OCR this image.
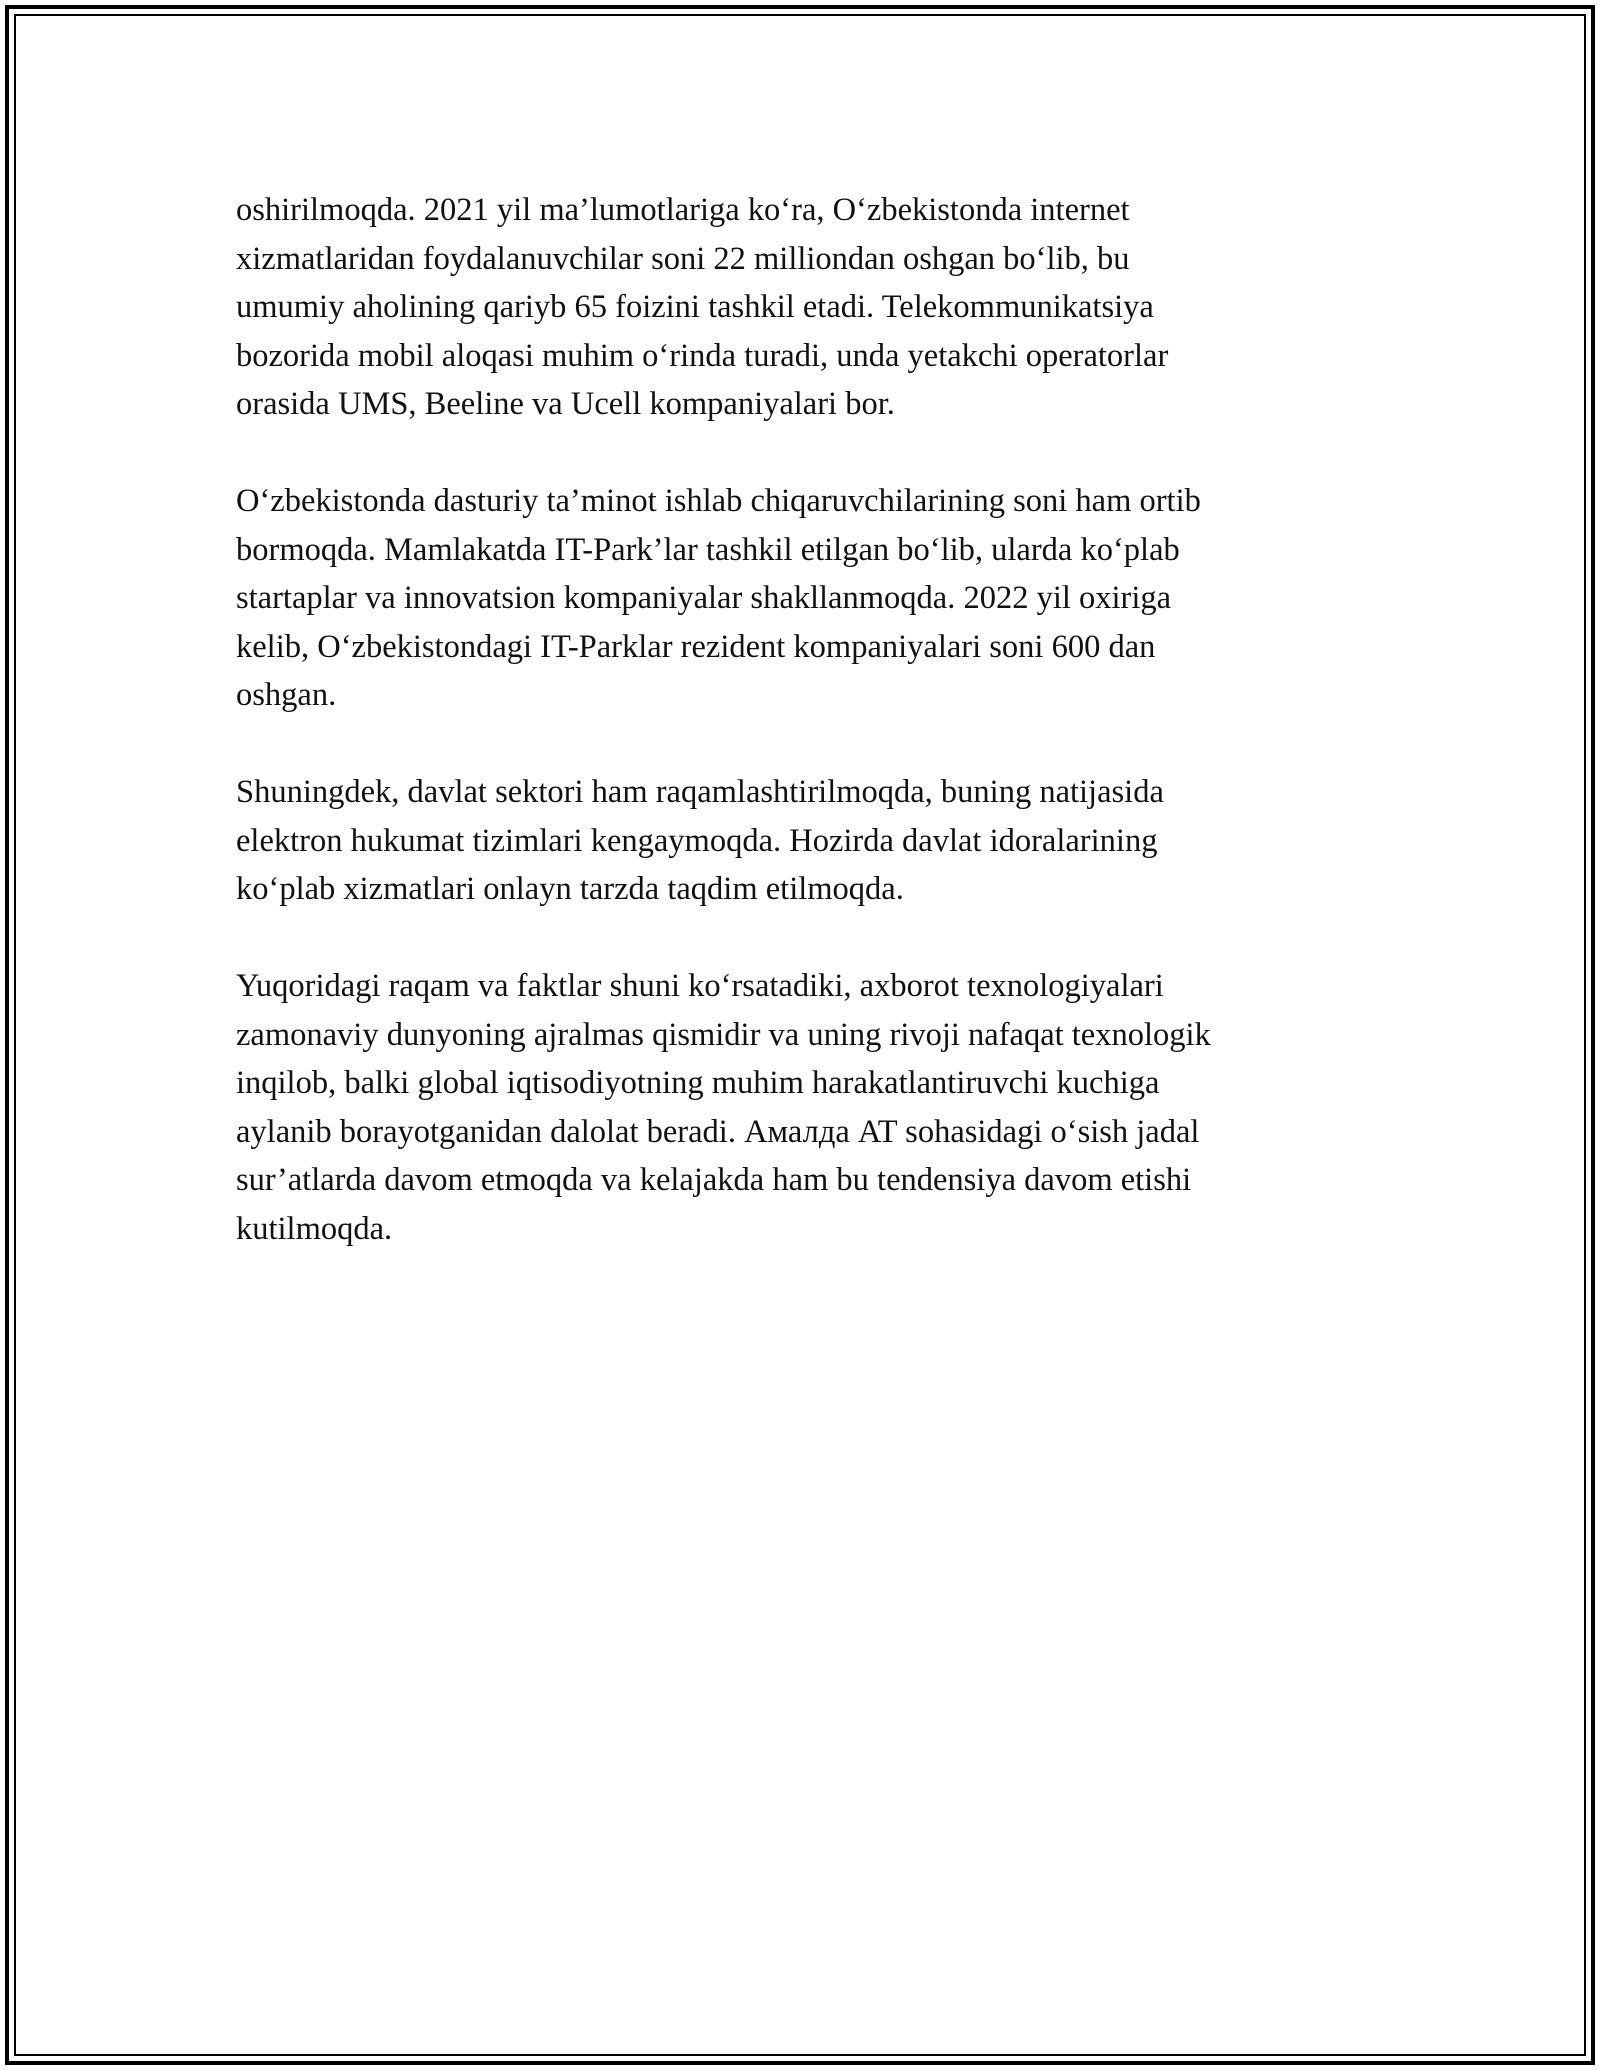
oshirilmoqda. 2021 yil ma’lumotlariga ko‘ra, O‘zbekistonda internet
xizmatlaridan foydalanuvchilar soni 22 milliondan oshgan bo‘lib, bu
umumiy aholining qariyb 65 foizini tashkil etadi. Telekommunikatsiya
bozorida mobil aloqasi muhim o‘rinda turadi, unda yetakchi operatorlar
orasida UMS, Beeline va Ucell kompaniyalari bor.

O‘zbekistonda dasturiy ta’minot ishlab chiqaruvchilarining soni ham ortib
bormoqda. Mamlakatda IT-Park’lar tashkil etilgan bo‘lib, ularda ko‘plab
startaplar va innovatsion kompaniyalar shakllanmoqda. 2022 yil oxiriga
kelib, O‘zbekistondagi IT-Parklar rezident kompaniyalari soni 600 dan
oshgan.

Shuningdek, davlat sektori ham raqamlashtirilmoqda, buning natijasida
elektron hukumat tizimlari kengaymoqda. Hozirda davlat idoralarining
ko‘plab xizmatlari onlayn tarzda taqdim etilmoqda.

Yuqoridagi raqam va faktlar shuni ko‘rsatadiki, axborot texnologiyalari
zamonaviy dunyoning ajralmas qismidir va uning rivoji nafaqat texnologik
inqilob, balki global iqtisodiyotning muhim harakatlantiruvchi kuchiga
aylanib borayotganidan dalolat beradi. Амалда AT sohasidagi o‘sish jadal
sur’atlarda davom etmoqda va kelajakda ham bu tendensiya davom etishi
kutilmoqda.
